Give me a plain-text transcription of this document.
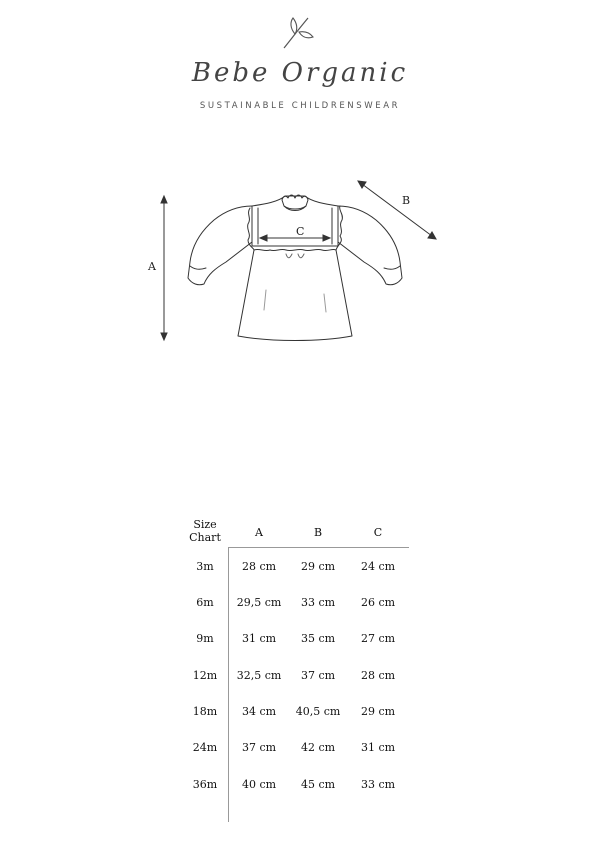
Bebe Organic
SUSTAINABLE CHILDRENSWEAR
A
B
C
Size
Chart	A	B	C
3m	28 cm	29 cm	24 cm
6m	29,5 cm	33 cm	26 cm
9m	31 cm	35 cm	27 cm
12m	32,5 cm	37 cm	28 cm
18m	34 cm	40,5 cm	29 cm
24m	37 cm	42 cm	31 cm
36m	40 cm	45 cm	33 cm
